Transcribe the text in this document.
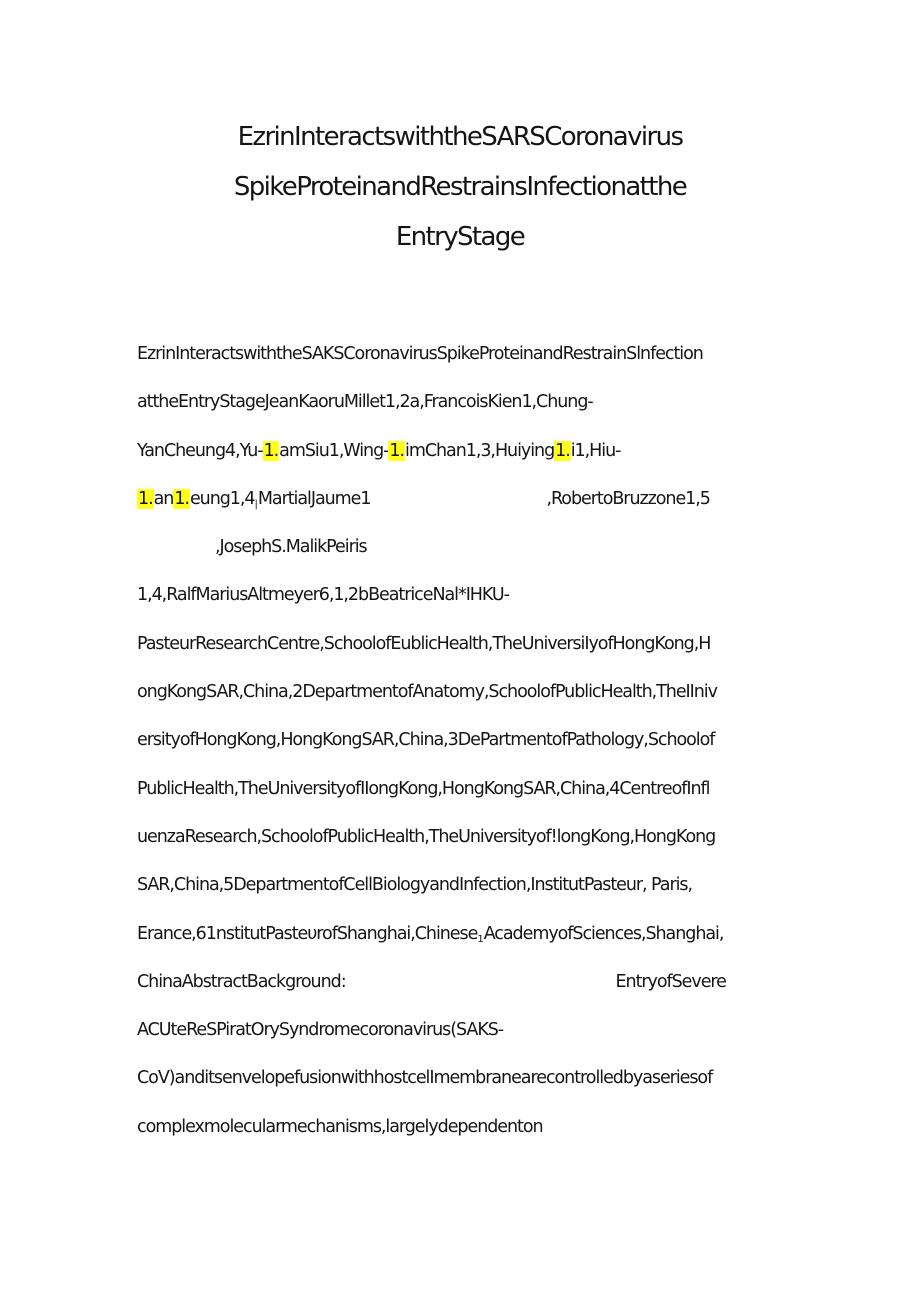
EzrinInteractswiththeSARSCoronavirus
SpikeProteinandRestrainsInfectionatthe
EntryStage
EzrinInteractswiththeSAKSCoronavirusSpikeProteinandRestrainSlnfection
attheEntryStageJeanKaoruMillet1,2a,FrancoisKien1,Chung-
YanCheung4,Yu-1.amSiu1,Wing-1.imChan1,3,Huiying1.i1,Hiu-
$1.an1.eung1,4_|MartialJaume1$	,RobertoBruzzone1,5
,JosephS.MalikPeiris
1,4,RalfMariusAltmeyer6,1,2bBeatriceNal*IHKU-
PasteurResearchCentre,SchoolofEublicHealth,TheUniversiIyofHongKong,H
ongKongSAR,China,2DepartmentofAnatomy,SchoolofPublicHealth,TheIIniv
ersityofHongKong,HongKongSAR,China,3DePartmentofPathology,Schoolof
PublicHealth,TheUniversityofIIongKong,HongKongSAR,China,4CentreofInfl
uenzaResearch,SchoolofPublicHealth,TheUniversityof!longKong,HongKong
SAR,China,5DepartmentofCellBiologyandInfection,InstitutPasteur, Paris,
Erance,61nstitutPasteυrofShanghai,Chinese$_1$AcademyofSciences,Shanghai,
ChinaAbstractBackground:	EntryofSevere
ACUteReSPiratOrySyndromecoronavirus(SAKS-
CoV)anditsenvelopefusionwithhostcelImembranearecontrolledbyaseriesof
complexmolecularmechanisms,largelydependenton
